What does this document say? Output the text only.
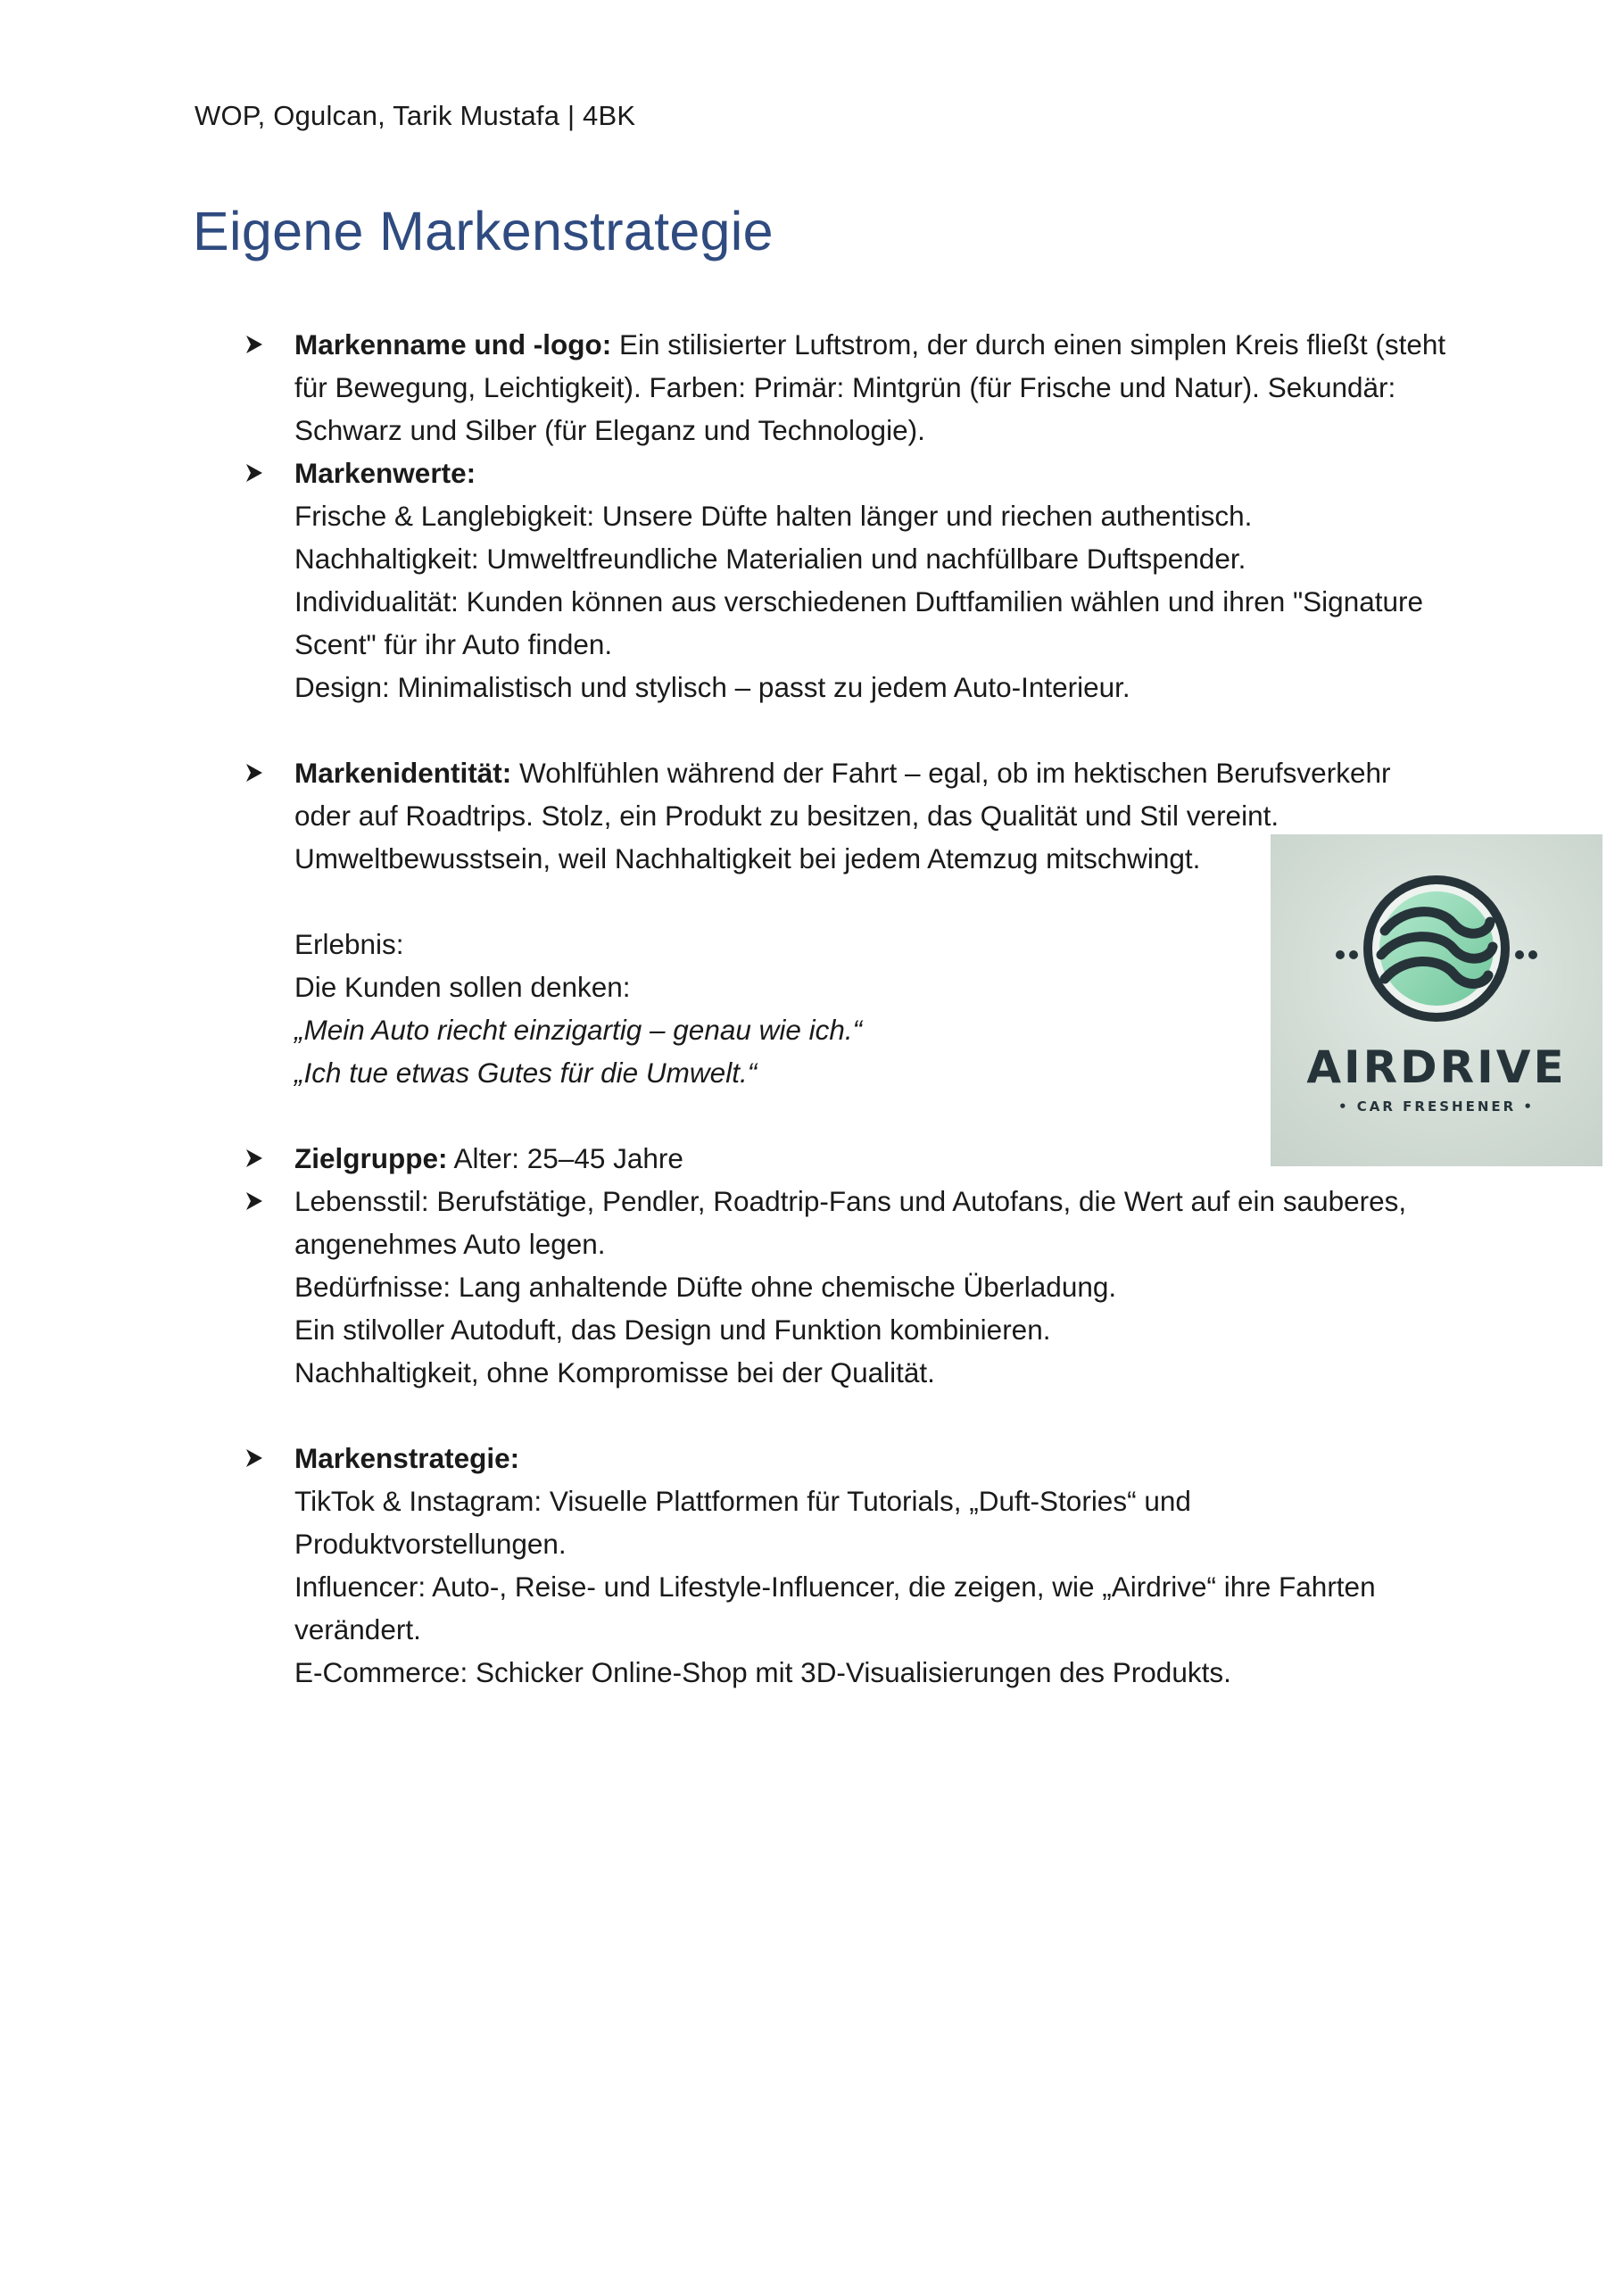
WOP, Ogulcan, Tarik Mustafa | 4BK
Eigene Markenstrategie
Markenname und -logo: Ein stilisierter Luftstrom, der durch einen simplen Kreis fließt (steht
für Bewegung, Leichtigkeit). Farben: Primär: Mintgrün (für Frische und Natur). Sekundär:
Schwarz und Silber (für Eleganz und Technologie).
Markenwerte:
Frische & Langlebigkeit: Unsere Düfte halten länger und riechen authentisch.
Nachhaltigkeit: Umweltfreundliche Materialien und nachfüllbare Duftspender.
Individualität: Kunden können aus verschiedenen Duftfamilien wählen und ihren "Signature
Scent" für ihr Auto finden.
Design: Minimalistisch und stylisch – passt zu jedem Auto-Interieur.
Markenidentität: Wohlfühlen während der Fahrt – egal, ob im hektischen Berufsverkehr
oder auf Roadtrips. Stolz, ein Produkt zu besitzen, das Qualität und Stil vereint.
Umweltbewusstsein, weil Nachhaltigkeit bei jedem Atemzug mitschwingt.

Erlebnis:
Die Kunden sollen denken:
„Mein Auto riecht einzigartig – genau wie ich.“
„Ich tue etwas Gutes für die Umwelt.“
Zielgruppe: Alter: 25–45 Jahre
Lebensstil: Berufstätige, Pendler, Roadtrip-Fans und Autofans, die Wert auf ein sauberes,
angenehmes Auto legen.
Bedürfnisse: Lang anhaltende Düfte ohne chemische Überladung.
Ein stilvoller Autoduft, das Design und Funktion kombinieren.
Nachhaltigkeit, ohne Kompromisse bei der Qualität.
Markenstrategie:
TikTok & Instagram: Visuelle Plattformen für Tutorials, „Duft-Stories“ und
Produktvorstellungen.
Influencer: Auto-, Reise- und Lifestyle-Influencer, die zeigen, wie „Airdrive“ ihre Fahrten
verändert.
E-Commerce: Schicker Online-Shop mit 3D-Visualisierungen des Produkts.
AIRDRIVE
• CAR FRESHENER •
